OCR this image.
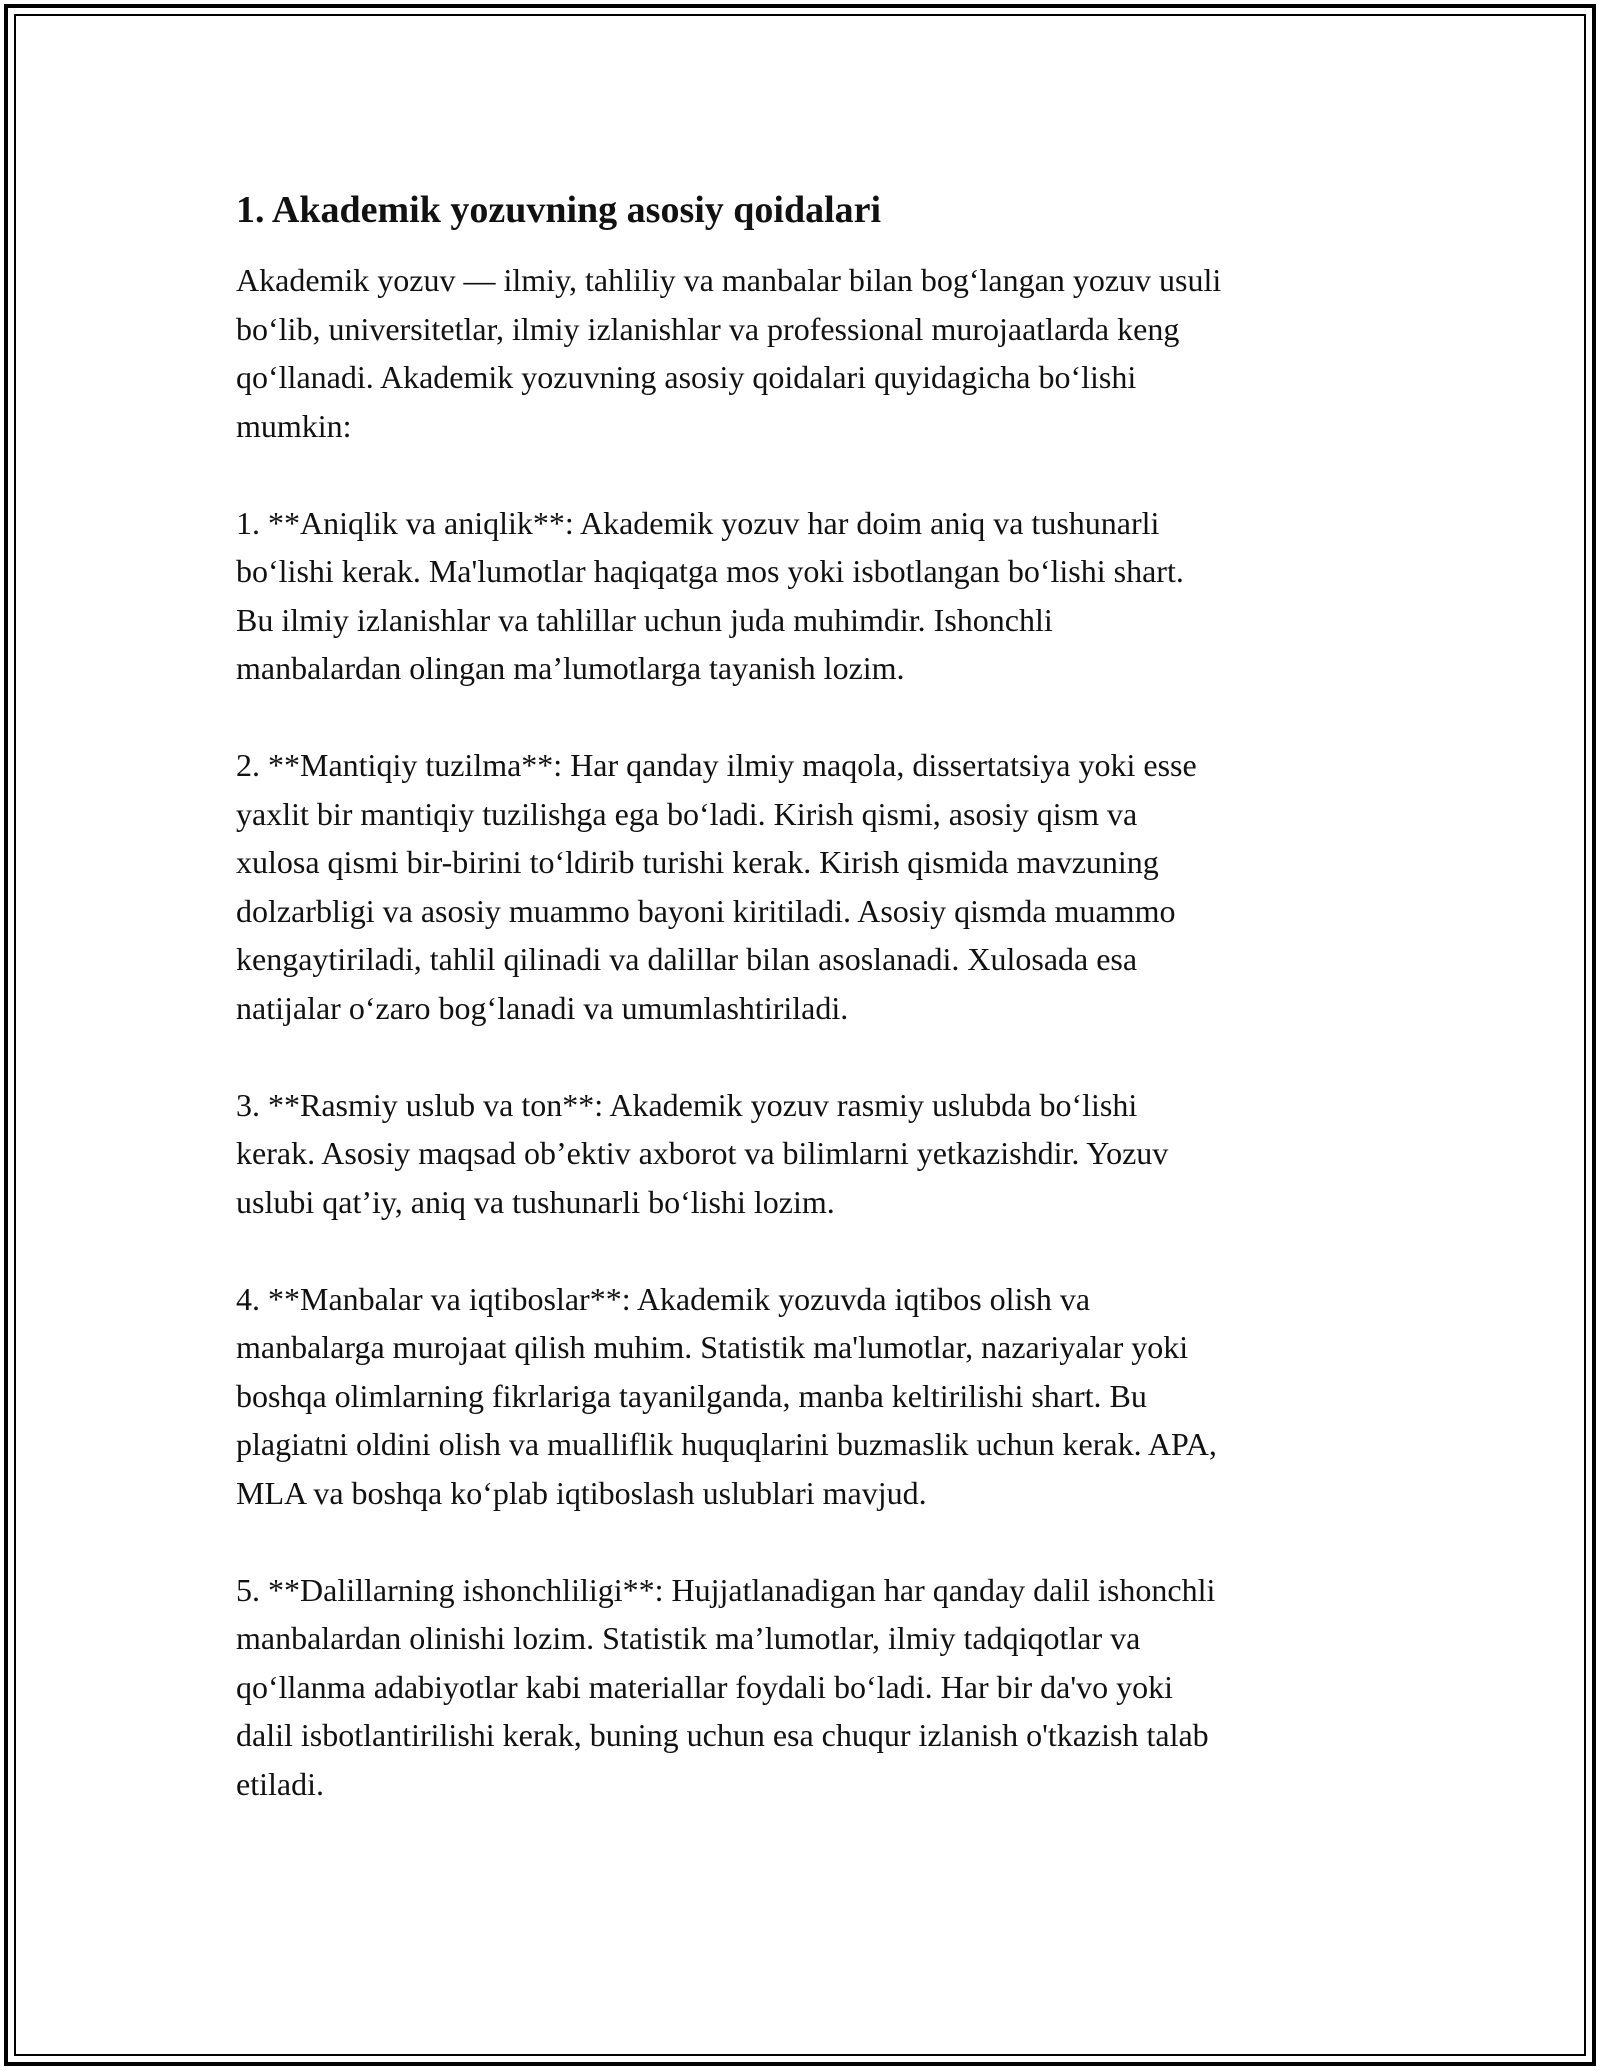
1. Akademik yozuvning asosiy qoidalari

Akademik yozuv — ilmiy, tahliliy va manbalar bilan bog‘langan yozuv usuli
bo‘lib, universitetlar, ilmiy izlanishlar va professional murojaatlarda keng
qo‘llanadi. Akademik yozuvning asosiy qoidalari quyidagicha bo‘lishi
mumkin:

1. **Aniqlik va aniqlik**: Akademik yozuv har doim aniq va tushunarli
bo‘lishi kerak. Ma'lumotlar haqiqatga mos yoki isbotlangan bo‘lishi shart.
Bu ilmiy izlanishlar va tahlillar uchun juda muhimdir. Ishonchli
manbalardan olingan ma’lumotlarga tayanish lozim.

2. **Mantiqiy tuzilma**: Har qanday ilmiy maqola, dissertatsiya yoki esse
yaxlit bir mantiqiy tuzilishga ega bo‘ladi. Kirish qismi, asosiy qism va
xulosa qismi bir-birini to‘ldirib turishi kerak. Kirish qismida mavzuning
dolzarbligi va asosiy muammo bayoni kiritiladi. Asosiy qismda muammo
kengaytiriladi, tahlil qilinadi va dalillar bilan asoslanadi. Xulosada esa
natijalar o‘zaro bog‘lanadi va umumlashtiriladi.

3. **Rasmiy uslub va ton**: Akademik yozuv rasmiy uslubda bo‘lishi
kerak. Asosiy maqsad ob’ektiv axborot va bilimlarni yetkazishdir. Yozuv
uslubi qat’iy, aniq va tushunarli bo‘lishi lozim.

4. **Manbalar va iqtiboslar**: Akademik yozuvda iqtibos olish va
manbalarga murojaat qilish muhim. Statistik ma'lumotlar, nazariyalar yoki
boshqa olimlarning fikrlariga tayanilganda, manba keltirilishi shart. Bu
plagiatni oldini olish va mualliflik huquqlarini buzmaslik uchun kerak. APA,
MLA va boshqa ko‘plab iqtiboslash uslublari mavjud.

5. **Dalillarning ishonchliligi**: Hujjatlanadigan har qanday dalil ishonchli
manbalardan olinishi lozim. Statistik ma’lumotlar, ilmiy tadqiqotlar va
qo‘llanma adabiyotlar kabi materiallar foydali bo‘ladi. Har bir da'vo yoki
dalil isbotlantirilishi kerak, buning uchun esa chuqur izlanish o'tkazish talab
etiladi.
